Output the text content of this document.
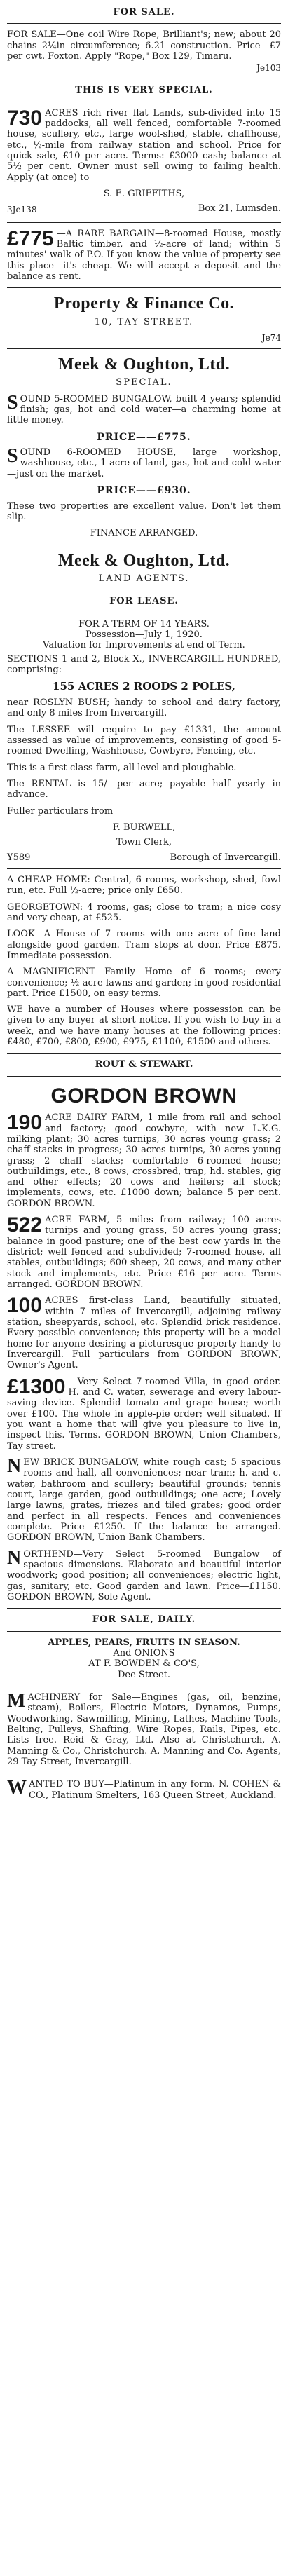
FOR SALE.
FOR SALE—One coil Wire Rope, Brilliant's; new; about 20 chains 2¼in circumference; 6.21 construction. Price—£7 per cwt. Foxton. Apply "Rope," Box 129, Timaru.
Je103
THIS IS VERY SPECIAL.
730 ACRES rich river flat Lands, sub-divided into 15 paddocks, all well fenced, comfortable 7-roomed house, scullery, etc., large wool-shed, stable, chaffhouse, etc., ½-mile from railway station and school. Price for quick sale, £10 per acre. Terms: £3000 cash; balance at 5½ per cent. Owner must sell owing to failing health. Apply (at once) to
S. E. GRIFFITHS,
3Je138	Box 21, Lumsden.
£775 —A RARE BARGAIN—8-roomed House, mostly Baltic timber, and ½-acre of land; within 5 minutes' walk of P.O. If you know the value of property see this place—it's cheap. We will accept a deposit and the balance as rent.
Property & Finance Co.
10, TAY STREET.
Je74
Meek & Oughton, Ltd.
SPECIAL.
S OUND 5-ROOMED BUNGALOW, built 4 years; splendid finish; gas, hot and cold water—a charming home at little money.
PRICE——£775.
S OUND 6-ROOMED HOUSE, large workshop, washhouse, etc., 1 acre of land, gas, hot and cold water—just on the market.
PRICE——£930.
These two properties are excellent value. Don't let them slip.
FINANCE ARRANGED.
Meek & Oughton, Ltd.
LAND AGENTS.
FOR LEASE.
FOR A TERM OF 14 YEARS.
Possession—July 1, 1920.
Valuation for Improvements at end of Term.
SECTIONS 1 and 2, Block X., INVERCARGILL HUNDRED, comprising:
155 ACRES 2 ROODS 2 POLES,
near ROSLYN BUSH; handy to school and dairy factory, and only 8 miles from Invercargill.
The LESSEE will require to pay £1331, the amount assessed as value of improvements, consisting of good 5-roomed Dwelling, Washhouse, Cowbyre, Fencing, etc.
This is a first-class farm, all level and ploughable.
The RENTAL is 15/- per acre; payable half yearly in advance.
Fuller particulars from
F. BURWELL,
Town Clerk,
Y589	Borough of Invercargill.
A CHEAP HOME: Central, 6 rooms, workshop, shed, fowl run, etc. Full ½-acre; price only £650.
GEORGETOWN: 4 rooms, gas; close to tram; a nice cosy and very cheap, at £525.
LOOK—A House of 7 rooms with one acre of fine land alongside good garden. Tram stops at door. Price £875. Immediate possession.
A MAGNIFICENT Family Home of 6 rooms; every convenience; ½-acre lawns and garden; in good residential part. Price £1500, on easy terms.
WE have a number of Houses where possession can be given to any buyer at short notice. If you wish to buy in a week, and we have many houses at the following prices: £480, £700, £800, £900, £975, £1100, £1500 and others.
ROUT & STEWART.
GORDON BROWN
190 ACRE DAIRY FARM, 1 mile from rail and school and factory; good cowbyre, with new L.K.G. milking plant; 30 acres turnips, 30 acres young grass; 2 chaff stacks in progress; 30 acres turnips, 30 acres young grass; 2 chaff stacks; comfortable 6-roomed house; outbuildings, etc., 8 cows, crossbred, trap, hd. stables, gig and other effects; 20 cows and heifers; all stock; implements, cows, etc. £1000 down; balance 5 per cent. GORDON BROWN.
522 ACRE FARM, 5 miles from railway; 100 acres turnips and young grass, 50 acres young grass; balance in good pasture; one of the best cow yards in the district; well fenced and subdivided; 7-roomed house, all stables, outbuildings; 600 sheep, 20 cows, and many other stock and implements, etc. Price £16 per acre. Terms arranged. GORDON BROWN.
100 ACRES first-class Land, beautifully situated, within 7 miles of Invercargill, adjoining railway station, sheepyards, school, etc. Splendid brick residence. Every possible convenience; this property will be a model home for anyone desiring a picturesque property handy to Invercargill. Full particulars from GORDON BROWN, Owner's Agent.
£1300 —Very Select 7-roomed Villa, in good order. H. and C. water, sewerage and every labour-saving device. Splendid tomato and grape house; worth over £100. The whole in apple-pie order; well situated. If you want a home that will give you pleasure to live in, inspect this. Terms. GORDON BROWN, Union Chambers, Tay street.
N EW BRICK BUNGALOW, white rough cast; 5 spacious rooms and hall, all conveniences; near tram; h. and c. water, bathroom and scullery; beautiful grounds; tennis court, large garden, good outbuildings; one acre; Lovely large lawns, grates, friezes and tiled grates; good order and perfect in all respects. Fences and conveniences complete. Price—£1250. If the balance be arranged. GORDON BROWN, Union Bank Chambers.
N ORTHEND—Very Select 5-roomed Bungalow of spacious dimensions. Elaborate and beautiful interior woodwork; good position; all conveniences; electric light, gas, sanitary, etc. Good garden and lawn. Price—£1150. GORDON BROWN, Sole Agent.
FOR SALE, DAILY.
APPLES, PEARS, FRUITS IN SEASON.
And ONIONS
AT F. BOWDEN & CO'S,
Dee Street.
M ACHINERY for Sale—Engines (gas, oil, benzine, steam), Boilers, Electric Motors, Dynamos, Pumps, Woodworking, Sawmilling, Mining, Lathes, Machine Tools, Belting, Pulleys, Shafting, Wire Ropes, Rails, Pipes, etc. Lists free. Reid & Gray, Ltd. Also at Christchurch, A. Manning & Co., Christchurch. A. Manning and Co. Agents, 29 Tay Street, Invercargill.
W ANTED TO BUY—Platinum in any form. N. COHEN & CO., Platinum Smelters, 163 Queen Street, Auckland.
